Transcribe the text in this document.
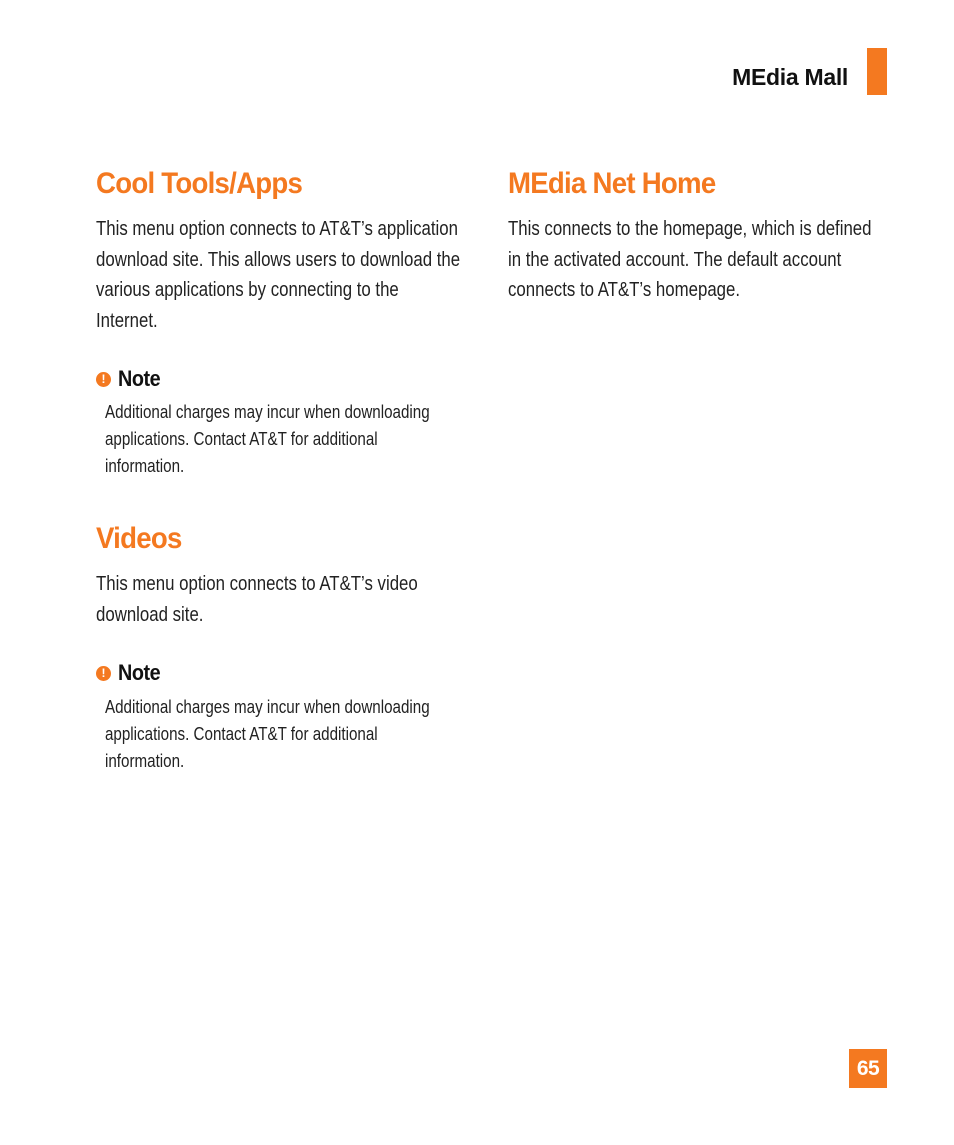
MEdia Mall
Cool Tools/Apps

This menu option connects to AT&T’s application download site. This allows users to download the various applications by connecting to the Internet.

! Note

Additional charges may incur when downloading applications. Contact AT&T for additional information.

Videos

This menu option connects to AT&T’s video download site.

! Note

Additional charges may incur when downloading applications. Contact AT&T for additional information.

MEdia Net Home

This connects to the homepage, which is defined in the activated account. The default account connects to AT&T’s homepage.

65
